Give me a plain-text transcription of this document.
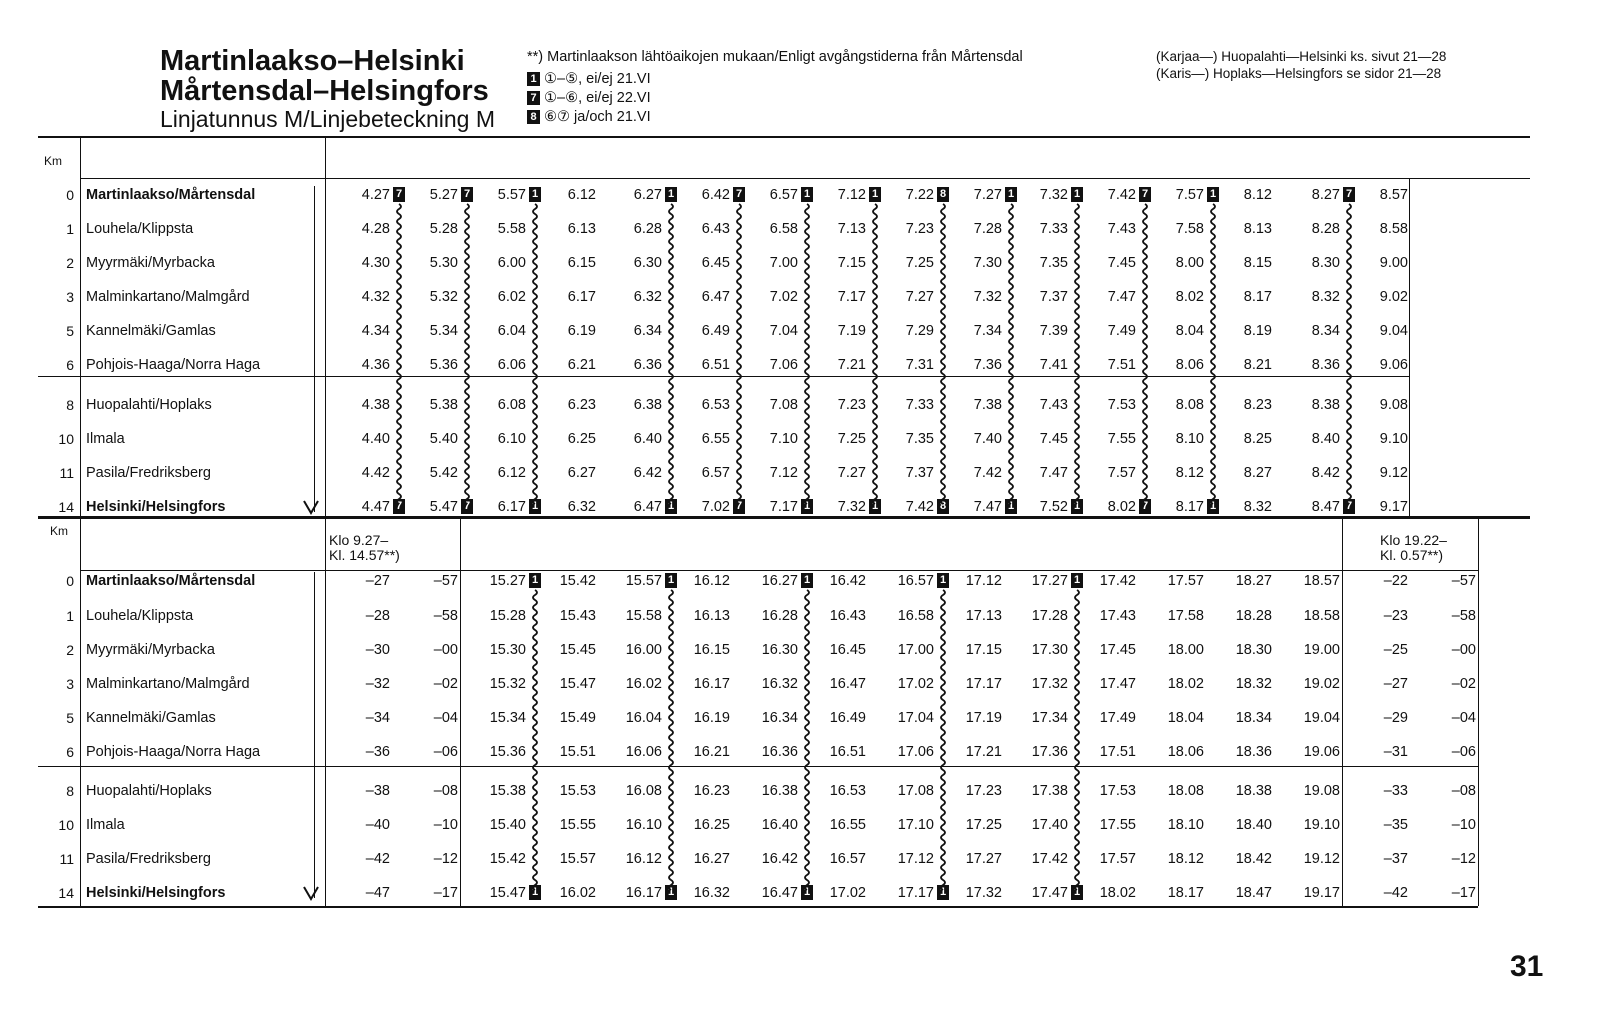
Martinlaakso–Helsinki
Mårtensdal–Helsingfors
Linjatunnus M/Linjebeteckning M
**) Martinlaakson lähtöaikojen mukaan/Enligt avgångstiderna från Mårtensdal
1 ①–⑤, ei/ej 21.VI
7 ①–⑥, ei/ej 22.VI
8 ⑥⑦ ja/och 21.VI
(Karjaa—) Huopalahti—Helsinki ks. sivut 21—28
(Karis—) Hoplaks—Helsingfors se sidor 21—28
Km
Km
Klo 9.27–
Kl. 14.57**)
Klo 19.22–
Kl. 0.57**)
31
0 Martinlaakso/Mårtensdal
1 Louhela/Klippsta
2 Myyrmäki/Myrbacka
3 Malminkartano/Malmgård
5 Kannelmäki/Gamlas
6 Pohjois-Haaga/Norra Haga
8 Huopalahti/Hoplaks
10 Ilmala
11 Pasila/Fredriksberg
14 Helsinki/Helsingfors
0 Martinlaakso/Mårtensdal
1 Louhela/Klippsta
2 Myyrmäki/Myrbacka
3 Malminkartano/Malmgård
5 Kannelmäki/Gamlas
6 Pohjois-Haaga/Norra Haga
8 Huopalahti/Hoplaks
10 Ilmala
11 Pasila/Fredriksberg
14 Helsinki/Helsingfors
4.27
4.28
4.30
4.32
4.34
4.36
4.38
4.40
4.42
4.47
7
7
5.27
5.28
5.30
5.32
5.34
5.36
5.38
5.40
5.42
5.47
7
7
5.57
5.58
6.00
6.02
6.04
6.06
6.08
6.10
6.12
6.17
1
1
6.12
6.13
6.15
6.17
6.19
6.21
6.23
6.25
6.27
6.32
6.27
6.28
6.30
6.32
6.34
6.36
6.38
6.40
6.42
6.47
1
1
6.42
6.43
6.45
6.47
6.49
6.51
6.53
6.55
6.57
7.02
7
7
6.57
6.58
7.00
7.02
7.04
7.06
7.08
7.10
7.12
7.17
1
1
7.12
7.13
7.15
7.17
7.19
7.21
7.23
7.25
7.27
7.32
1
1
7.22
7.23
7.25
7.27
7.29
7.31
7.33
7.35
7.37
7.42
8
8
7.27
7.28
7.30
7.32
7.34
7.36
7.38
7.40
7.42
7.47
1
1
7.32
7.33
7.35
7.37
7.39
7.41
7.43
7.45
7.47
7.52
1
1
7.42
7.43
7.45
7.47
7.49
7.51
7.53
7.55
7.57
8.02
7
7
7.57
7.58
8.00
8.02
8.04
8.06
8.08
8.10
8.12
8.17
1
1
8.12
8.13
8.15
8.17
8.19
8.21
8.23
8.25
8.27
8.32
8.27
8.28
8.30
8.32
8.34
8.36
8.38
8.40
8.42
8.47
7
7
8.57
8.58
9.00
9.02
9.04
9.06
9.08
9.10
9.12
9.17
–27
–28
–30
–32
–34
–36
–38
–40
–42
–47
–57
–58
–00
–02
–04
–06
–08
–10
–12
–17
15.27
15.28
15.30
15.32
15.34
15.36
15.38
15.40
15.42
15.47
1
1
15.42
15.43
15.45
15.47
15.49
15.51
15.53
15.55
15.57
16.02
15.57
15.58
16.00
16.02
16.04
16.06
16.08
16.10
16.12
16.17
1
1
16.12
16.13
16.15
16.17
16.19
16.21
16.23
16.25
16.27
16.32
16.27
16.28
16.30
16.32
16.34
16.36
16.38
16.40
16.42
16.47
1
1
16.42
16.43
16.45
16.47
16.49
16.51
16.53
16.55
16.57
17.02
16.57
16.58
17.00
17.02
17.04
17.06
17.08
17.10
17.12
17.17
1
1
17.12
17.13
17.15
17.17
17.19
17.21
17.23
17.25
17.27
17.32
17.27
17.28
17.30
17.32
17.34
17.36
17.38
17.40
17.42
17.47
1
1
17.42
17.43
17.45
17.47
17.49
17.51
17.53
17.55
17.57
18.02
17.57
17.58
18.00
18.02
18.04
18.06
18.08
18.10
18.12
18.17
18.27
18.28
18.30
18.32
18.34
18.36
18.38
18.40
18.42
18.47
18.57
18.58
19.00
19.02
19.04
19.06
19.08
19.10
19.12
19.17
–22
–23
–25
–27
–29
–31
–33
–35
–37
–42
–57
–58
–00
–02
–04
–06
–08
–10
–12
–17
